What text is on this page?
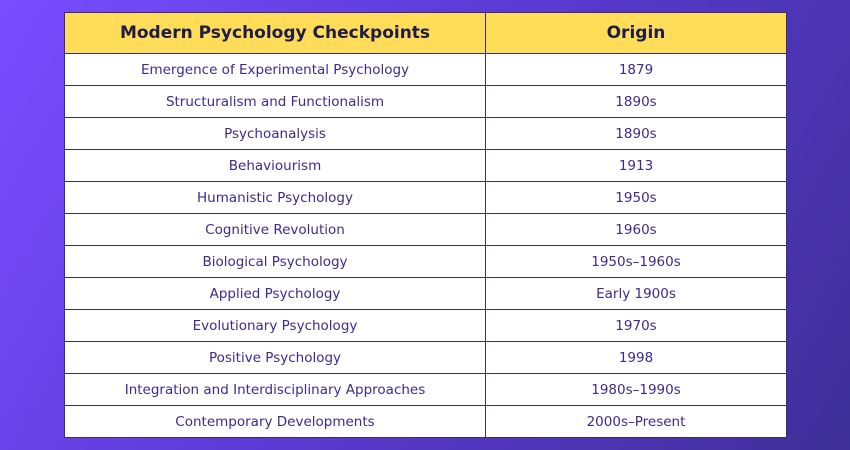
Modern Psychology Checkpoints	Origin
Emergence of Experimental Psychology	1879
Structuralism and Functionalism	1890s
Psychoanalysis	1890s
Behaviourism	1913
Humanistic Psychology	1950s
Cognitive Revolution	1960s
Biological Psychology	1950s–1960s
Applied Psychology	Early 1900s
Evolutionary Psychology	1970s
Positive Psychology	1998
Integration and Interdisciplinary Approaches	1980s–1990s
Contemporary Developments	2000s–Present
